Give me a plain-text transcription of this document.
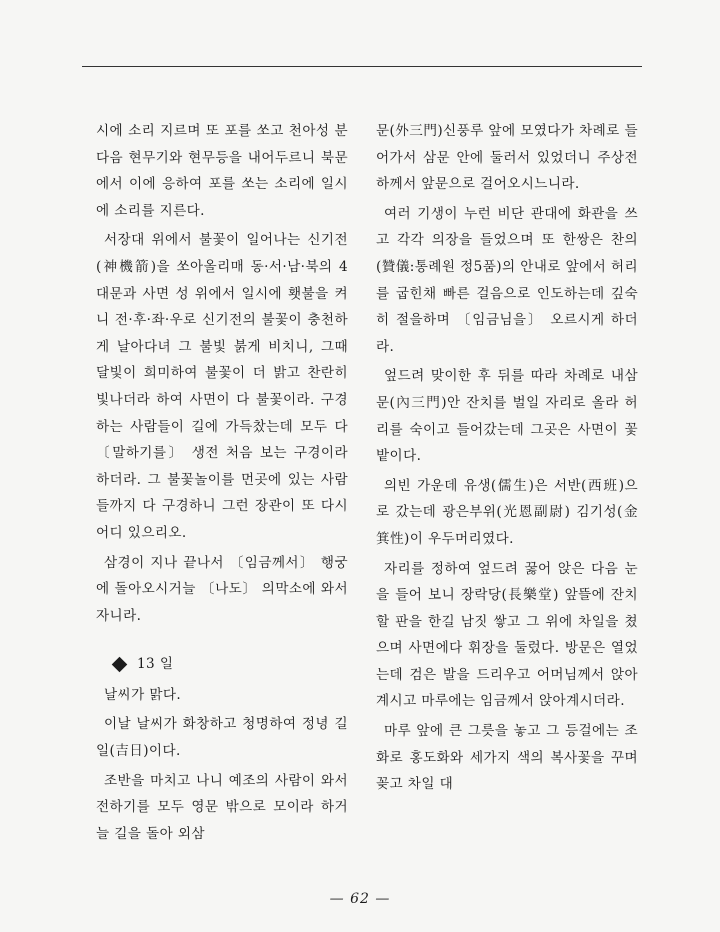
시에 소리 지르며 또 포를 쏘고 천아성 분 다음 현무기와 현무등을 내어두르니 북문에서 이에 응하여 포를 쏘는 소리에 일시에 소리를 지른다.

서장대 위에서 불꽃이 일어나는 신기전(神機箭)을 쏘아올리매 동·서·남·북의 4대문과 사면 성 위에서 일시에 횃불을 켜니 전·후·좌·우로 신기전의 불꽃이 충천하게 날아다녀 그 불빛 붉게 비치니, 그때 달빛이 희미하여 불꽃이 더 밝고 찬란히 빛나더라 하여 사면이 다 불꽃이라. 구경하는 사람들이 길에 가득찼는데 모두 다 〔말하기를〕 생전 처음 보는 구경이라 하더라. 그 불꽃놀이를 먼곳에 있는 사람들까지 다 구경하니 그런 장관이 또 다시 어디 있으리오.

삼경이 지나 끝나서 〔임금께서〕 행궁에 돌아오시거늘 〔나도〕 의막소에 와서 자니라.

13 일

날씨가 맑다.

이날 날씨가 화창하고 청명하여 정녕 길일(吉日)이다.

조반을 마치고 나니 예조의 사람이 와서 전하기를 모두 영문 밖으로 모이라 하거늘 길을 돌아 외삼

문(外三門)신풍루 앞에 모였다가 차례로 들어가서 삼문 안에 둘러서 있었더니 주상전하께서 앞문으로 걸어오시느니라.

여러 기생이 누런 비단 관대에 화관을 쓰고 각각 의장을 들었으며 또 한쌍은 찬의(贊儀:통례원 정5품)의 안내로 앞에서 허리를 굽힌채 빠른 걸음으로 인도하는데 깊숙히 절을하며 〔임금님을〕 오르시게 하더라.

엎드려 맞이한 후 뒤를 따라 차례로 내삼문(內三門)안 잔치를 벌일 자리로 올라 허리를 숙이고 들어갔는데 그곳은 사면이 꽃밭이다.

의빈 가운데 유생(儒生)은 서반(西班)으로 갔는데 광은부위(光恩副尉) 김기성(金箕性)이 우두머리였다.

자리를 정하여 엎드려 꿇어 앉은 다음 눈을 들어 보니 장락당(長樂堂) 앞뜰에 잔치할 판을 한길 남짓 쌓고 그 위에 차일을 쳤으며 사면에다 휘장을 둘렀다. 방문은 열었는데 검은 발을 드리우고 어머님께서 앉아계시고 마루에는 임금께서 앉아계시더라.

마루 앞에 큰 그릇을 놓고 그 등걸에는 조화로 홍도화와 세가지 색의 복사꽃을 꾸며 꽂고 차일 대

— 62 —
